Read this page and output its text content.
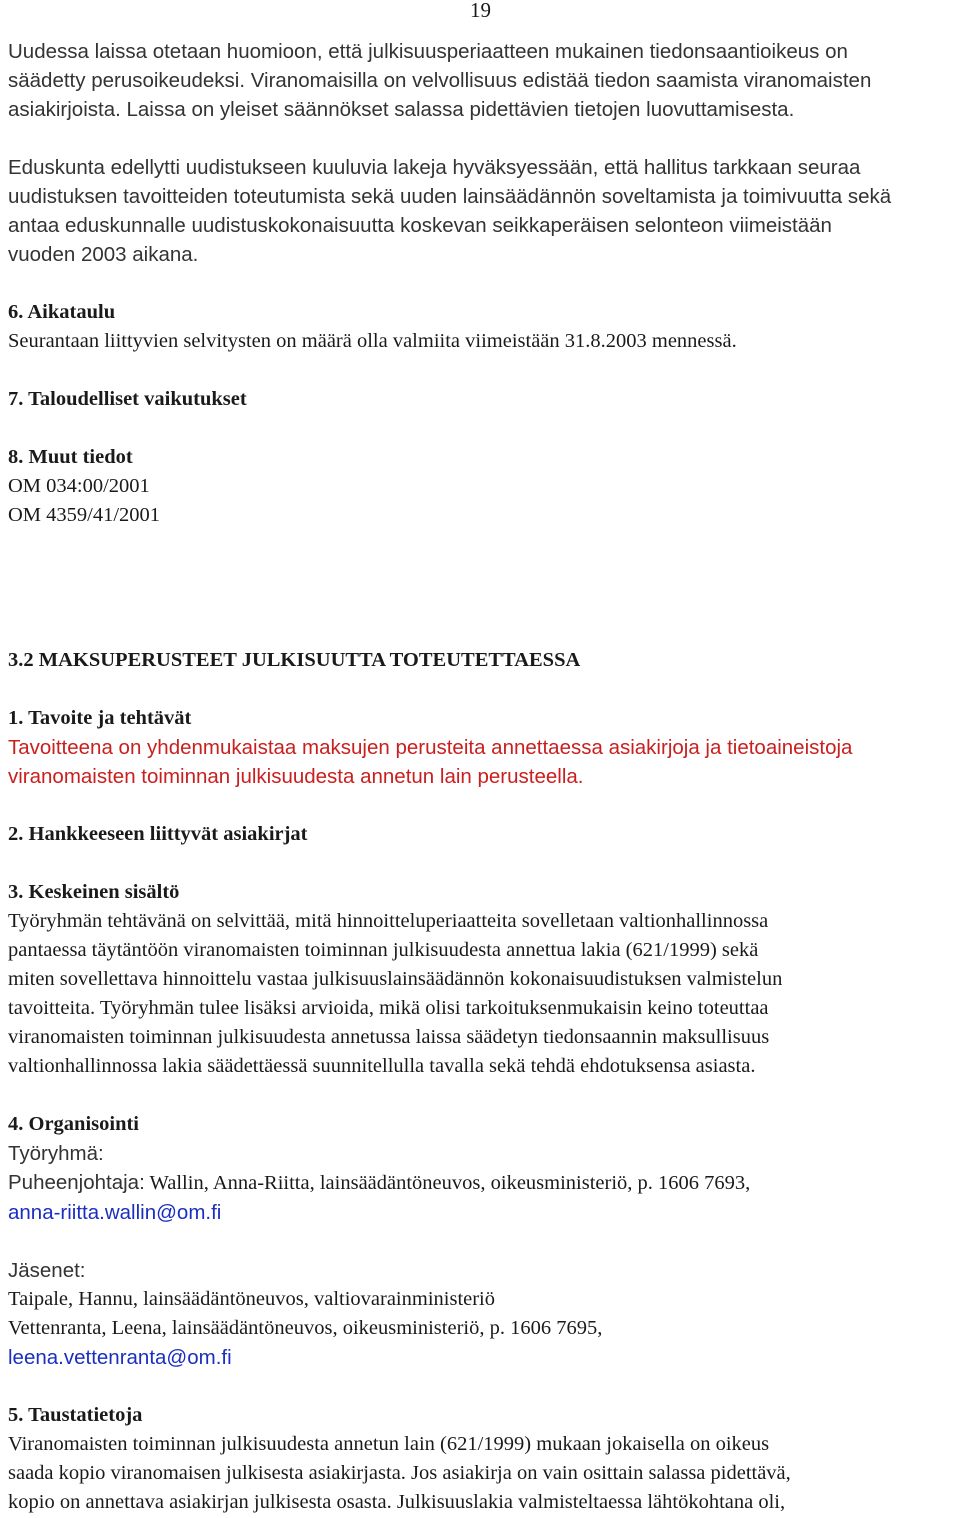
19

Uudessa laissa otetaan huomioon, että julkisuusperiaatteen mukainen tiedonsaantioikeus on

säädetty perusoikeudeksi. Viranomaisilla on velvollisuus edistää tiedon saamista viranomaisten

asiakirjoista. Laissa on yleiset säännökset salassa pidettävien tietojen luovuttamisesta.

Eduskunta edellytti uudistukseen kuuluvia lakeja hyväksyessään, että hallitus tarkkaan seuraa

uudistuksen tavoitteiden toteutumista sekä uuden lainsäädännön soveltamista ja toimivuutta sekä

antaa eduskunnalle uudistuskokonaisuutta koskevan seikkaperäisen selonteon viimeistään

vuoden 2003 aikana.

6. Aikataulu

Seurantaan liittyvien selvitysten on määrä olla valmiita viimeistään 31.8.2003 mennessä.

7. Taloudelliset vaikutukset

8. Muut tiedot

OM 034:00/2001

OM 4359/41/2001

3.2 MAKSUPERUSTEET JULKISUUTTA TOTEUTETTAESSA

1. Tavoite ja tehtävät

Tavoitteena on yhdenmukaistaa maksujen perusteita annettaessa asiakirjoja ja tietoaineistoja

viranomaisten toiminnan julkisuudesta annetun lain perusteella.

2. Hankkeeseen liittyvät asiakirjat

3. Keskeinen sisältö

Työryhmän tehtävänä on selvittää, mitä hinnoitteluperiaatteita sovelletaan valtionhallinnossa

pantaessa täytäntöön viranomaisten toiminnan julkisuudesta annettua lakia (621/1999) sekä

miten sovellettava hinnoittelu vastaa julkisuuslainsäädännön kokonaisuudistuksen valmistelun

tavoitteita. Työryhmän tulee lisäksi arvioida, mikä olisi tarkoituksenmukaisin keino toteuttaa

viranomaisten toiminnan julkisuudesta annetussa laissa säädetyn tiedonsaannin maksullisuus

valtionhallinnossa lakia säädettäessä suunnitellulla tavalla sekä tehdä ehdotuksensa asiasta.

4. Organisointi

Työryhmä:

Puheenjohtaja: Wallin, Anna-Riitta, lainsäädäntöneuvos, oikeusministeriö, p. 1606 7693,

anna-riitta.wallin@om.fi

Jäsenet:

Taipale, Hannu, lainsäädäntöneuvos, valtiovarainministeriö

Vettenranta, Leena, lainsäädäntöneuvos, oikeusministeriö, p. 1606 7695,

leena.vettenranta@om.fi

5. Taustatietoja

Viranomaisten toiminnan julkisuudesta annetun lain (621/1999) mukaan jokaisella on oikeus

saada kopio viranomaisen julkisesta asiakirjasta. Jos asiakirja on vain osittain salassa pidettävä,

kopio on annettava asiakirjan julkisesta osasta. Julkisuuslakia valmisteltaessa lähtökohtana oli,
